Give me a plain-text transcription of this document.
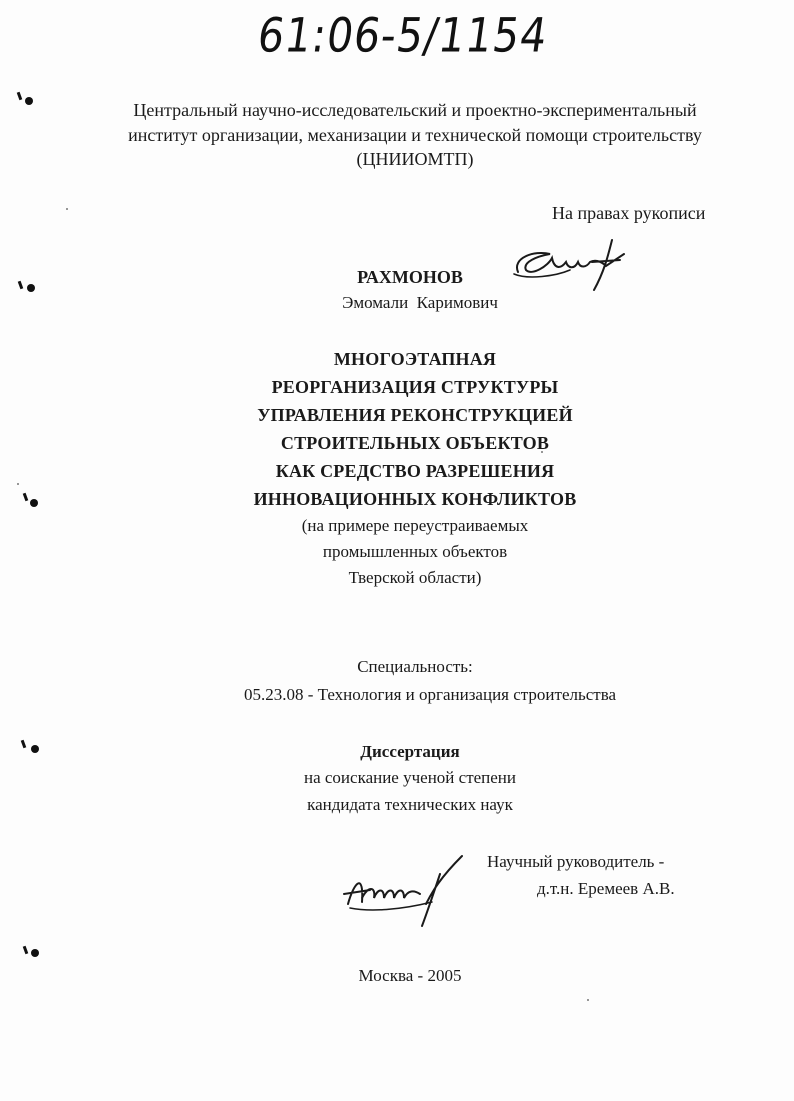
61:06-5/1154
Центральный научно-исследовательский и проектно-экспериментальный
институт организации, механизации и технической помощи строительству
(ЦНИИОМТП)
На правах рукописи
РАХМОНОВ
Эмомали  Каримович
МНОГОЭТАПНАЯ
РЕОРГАНИЗАЦИЯ СТРУКТУРЫ
УПРАВЛЕНИЯ РЕКОНСТРУКЦИЕЙ
СТРОИТЕЛЬНЫХ ОБЪЕКТОВ
КАК СРЕДСТВО РАЗРЕШЕНИЯ
ИННОВАЦИОННЫХ КОНФЛИКТОВ
(на примере переустраиваемых
промышленных объектов
Тверской области)
Специальность:
05.23.08 - Технология и организация строительства
Диссертация
на соискание ученой степени
кандидата технических наук
Научный руководитель -
д.т.н. Еремеев А.В.
Москва - 2005
